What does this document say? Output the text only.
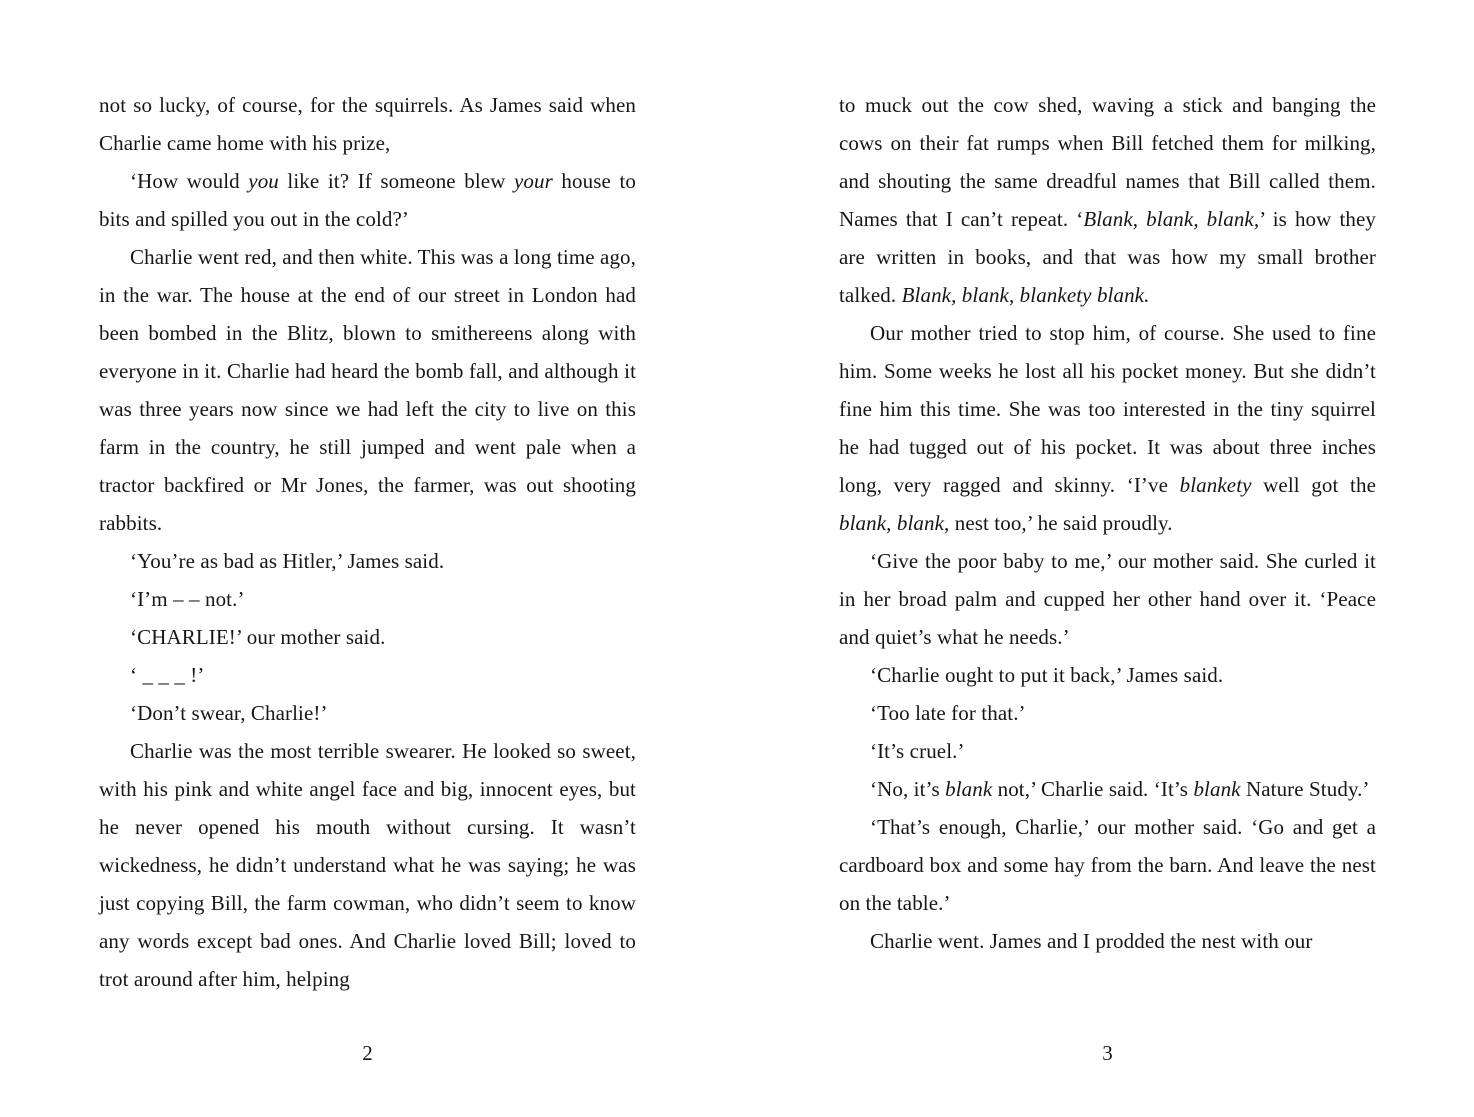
not so lucky, of course, for the squirrels. As James said when Charlie came home with his prize,

‘How would you like it? If someone blew your house to bits and spilled you out in the cold?’

Charlie went red, and then white. This was a long time ago, in the war. The house at the end of our street in London had been bombed in the Blitz, blown to smithereens along with everyone in it. Charlie had heard the bomb fall, and although it was three years now since we had left the city to live on this farm in the country, he still jumped and went pale when a tractor backfired or Mr Jones, the farmer, was out shooting rabbits.

‘You’re as bad as Hitler,’ James said.

‘I’m – – not.’

‘CHARLIE!’ our mother said.

‘ _ _ _ !’

‘Don’t swear, Charlie!’

Charlie was the most terrible swearer. He looked so sweet, with his pink and white angel face and big, innocent eyes, but he never opened his mouth without cursing. It wasn’t wickedness, he didn’t understand what he was saying; he was just copying Bill, the farm cowman, who didn’t seem to know any words except bad ones. And Charlie loved Bill; loved to trot around after him, helping

2

to muck out the cow shed, waving a stick and banging the cows on their fat rumps when Bill fetched them for milking, and shouting the same dreadful names that Bill called them. Names that I can’t repeat. ‘Blank, blank, blank,’ is how they are written in books, and that was how my small brother talked. Blank, blank, blankety blank.

Our mother tried to stop him, of course. She used to fine him. Some weeks he lost all his pocket money. But she didn’t fine him this time. She was too interested in the tiny squirrel he had tugged out of his pocket. It was about three inches long, very ragged and skinny. ‘I’ve blankety well got the blank, blank, nest too,’ he said proudly.

‘Give the poor baby to me,’ our mother said. She curled it in her broad palm and cupped her other hand over it. ‘Peace and quiet’s what he needs.’

‘Charlie ought to put it back,’ James said.

‘Too late for that.’

‘It’s cruel.’

‘No, it’s blank not,’ Charlie said. ‘It’s blank Nature Study.’

‘That’s enough, Charlie,’ our mother said. ‘Go and get a cardboard box and some hay from the barn. And leave the nest on the table.’

Charlie went. James and I prodded the nest with our

3
